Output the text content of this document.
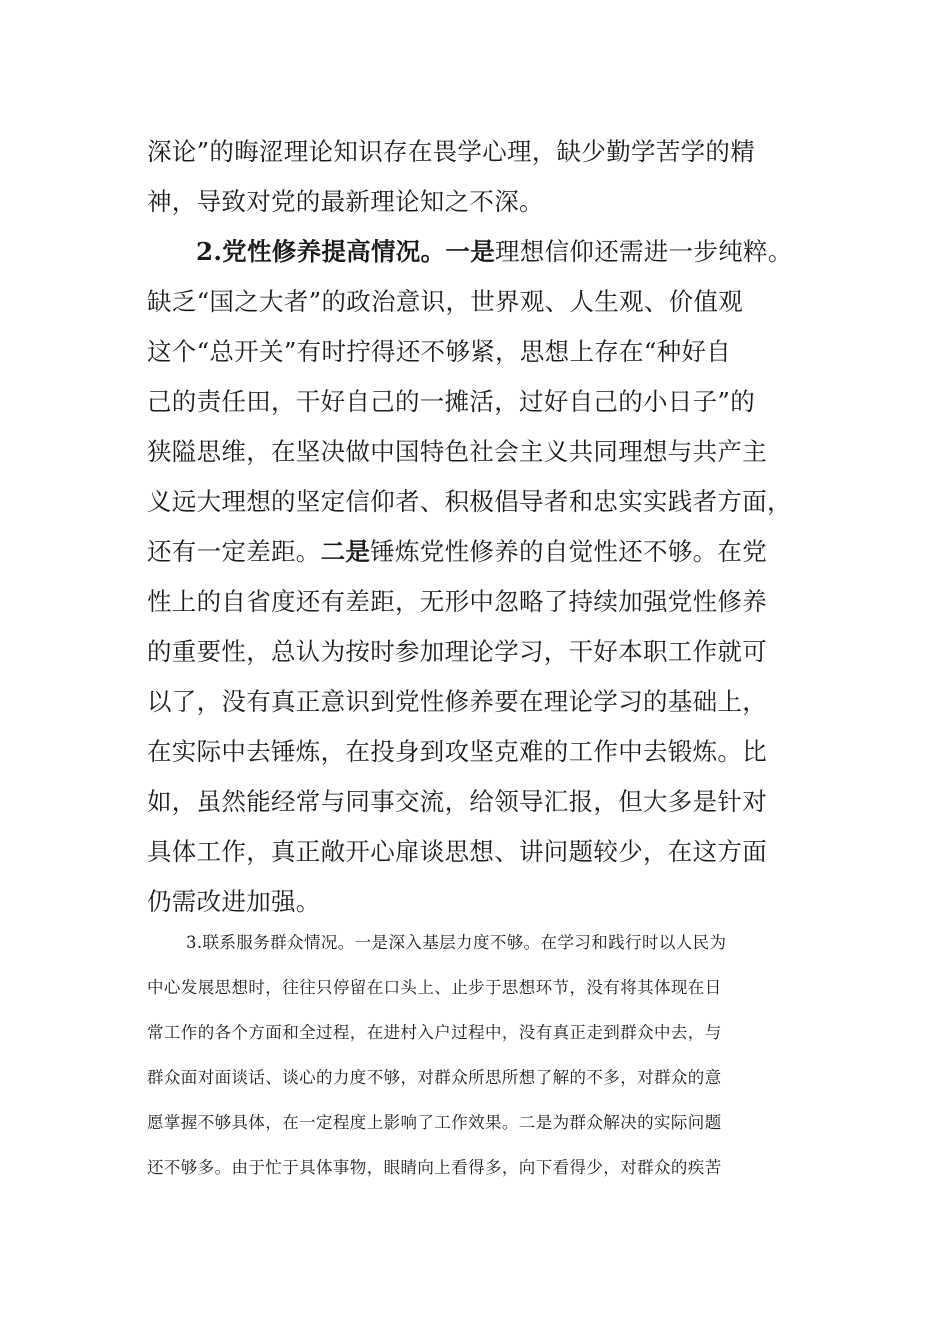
深论”的晦涩理论知识存在畏学心理，缺少勤学苦学的精
神，导致对党的最新理论知之不深。
2.党性修养提高情况。一是理想信仰还需进一步纯粹。
缺乏“国之大者”的政治意识，世界观、人生观、价值观
这个“总开关”有时拧得还不够紧，思想上存在“种好自
己的责任田，干好自己的一摊活，过好自己的小日子”的
狭隘思维，在坚决做中国特色社会主义共同理想与共产主
义远大理想的坚定信仰者、积极倡导者和忠实实践者方面，
还有一定差距。二是锤炼党性修养的自觉性还不够。在党
性上的自省度还有差距，无形中忽略了持续加强党性修养
的重要性，总认为按时参加理论学习，干好本职工作就可
以了，没有真正意识到党性修养要在理论学习的基础上，
在实际中去锤炼，在投身到攻坚克难的工作中去锻炼。比
如，虽然能经常与同事交流，给领导汇报，但大多是针对
具体工作，真正敞开心扉谈思想、讲问题较少，在这方面
仍需改进加强。
3.联系服务群众情况。一是深入基层力度不够。在学习和践行时以人民为
中心发展思想时，往往只停留在口头上、止步于思想环节，没有将其体现在日
常工作的各个方面和全过程，在进村入户过程中，没有真正走到群众中去，与
群众面对面谈话、谈心的力度不够，对群众所思所想了解的不多，对群众的意
愿掌握不够具体，在一定程度上影响了工作效果。二是为群众解决的实际问题
还不够多。由于忙于具体事物，眼睛向上看得多，向下看得少，对群众的疾苦
